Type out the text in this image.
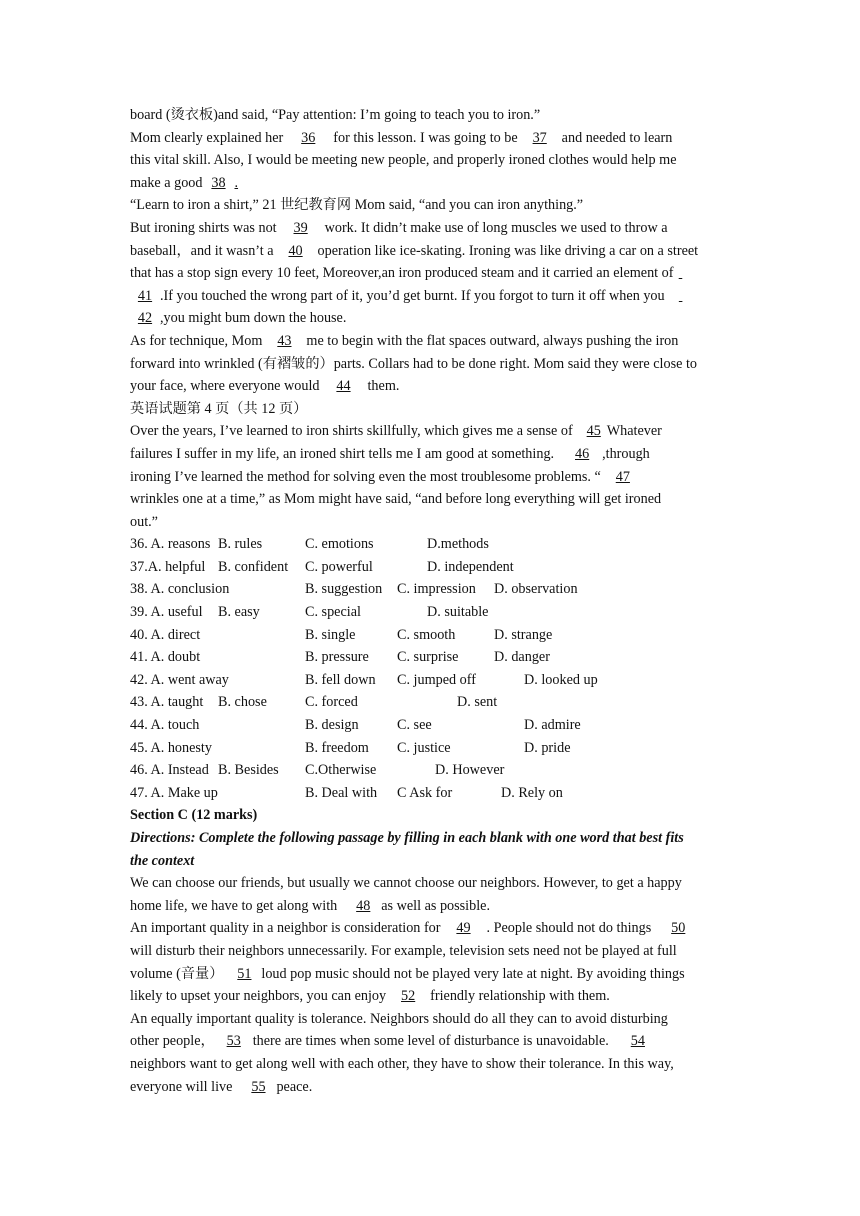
board (烫衣板)and said, “Pay attention: I’m going to teach you to iron.”
Mom clearly explained her 36 for this lesson. I was going to be 37 and needed to learn
this vital skill. Also, I would be meeting new people, and properly ironed clothes would help me
make a good 38 .
“Learn to iron a shirt,” 21 世纪教育网 Mom said, “and you can iron anything.”
But ironing shirts was not 39 work. It didn’t make use of long muscles we used to throw a
baseball，and it wasn’t a 40 operation like ice-skating. Ironing was like driving a car on a street
that has a stop sign every 10 feet, Moreover,an iron produced steam and it carried an element of
41 .If you touched the wrong part of it, you’d get burnt. If you forgot to turn it off when you
42 ,you might bum down the house.
As for technique, Mom 43 me to begin with the flat spaces outward, always pushing the iron
forward into wrinkled (有褶皱的）parts. Collars had to be done right. Mom said they were close to
your face, where everyone would 44 them.
英语试题第 4 页（共 12 页）
Over the years, I’ve learned to iron shirts skillfully, which gives me a sense of 45 Whatever
failures I suffer in my life, an ironed shirt tells me I am good at something. 46 ,through
ironing I’ve learned the method for solving even the most troublesome problems. “ 47
wrinkles one at a time,” as Mom might have said, “and before long everything will get ironed
out.”
36. A. reasons B. rules	C. emotions	D.methods
37.A. helpful B. confident C. powerful	D. independent
38. A. conclusion	B. suggestion C. impression D. observation
39. A. useful B. easy	C. special	D. suitable
40. A. direct	B. single	C. smooth	D. strange
41. A. doubt	B. pressure C. surprise	D. danger
42. A. went away	B. fell down C. jumped off	D. looked up
43. A. taught B. chose	C. forced	D. sent
44. A. touch	B. design	C. see	D. admire
45. A. honesty	B. freedom C. justice	D. pride
46. A. Instead B. Besides C.Otherwise	D. However
47. A. Make up	B. Deal with C Ask for	D. Rely on
Section C (12 marks)
Directions: Complete the following passage by filling in each blank with one word that best fits
the context
We can choose our friends, but usually we cannot choose our neighbors. However, to get a happy
home life, we have to get along with 48 as well as possible.
An important quality in a neighbor is consideration for 49 . People should not do things 50
will disturb their neighbors unnecessarily. For example, television sets need not be played at full
volume (音量） 51 loud pop music should not be played very late at night. By avoiding things
likely to upset your neighbors, you can enjoy 52 friendly relationship with them.
An equally important quality is tolerance. Neighbors should do all they can to avoid disturbing
other people， 53 there are times when some level of disturbance is unavoidable. 54
neighbors want to get along well with each other, they have to show their tolerance. In this way,
everyone will live 55 peace.
